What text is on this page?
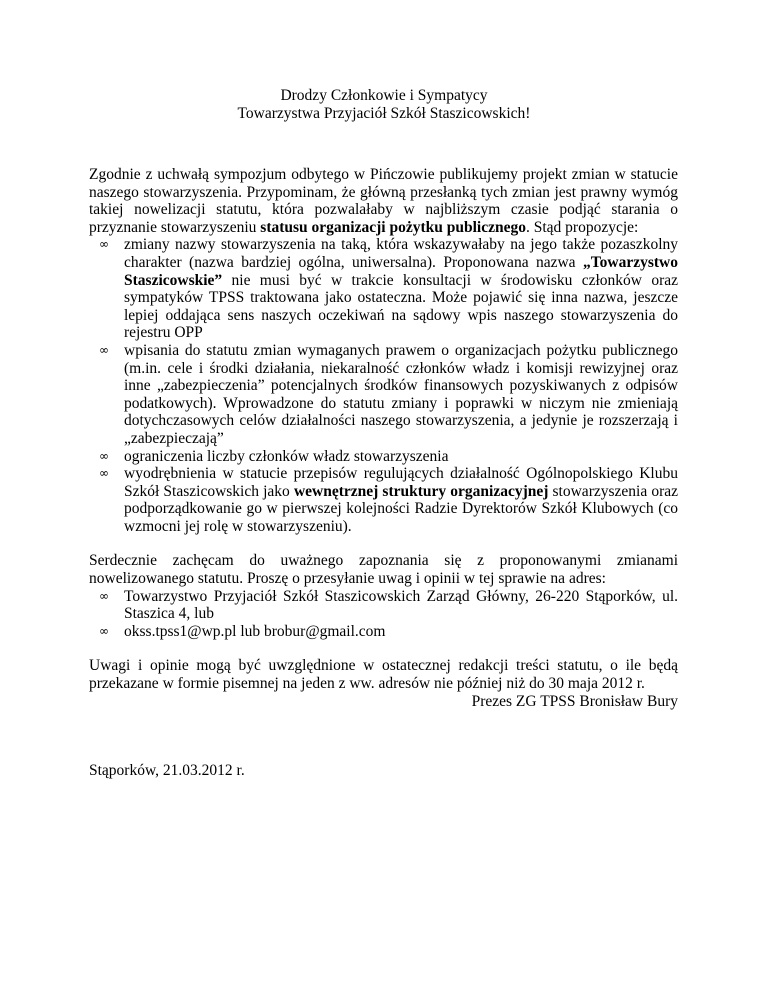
Drodzy Członkowie i Sympatycy
Towarzystwa Przyjaciół Szkół Staszicowskich!

Zgodnie z uchwałą sympozjum odbytego w Pińczowie publikujemy projekt zmian w statucie naszego stowarzyszenia. Przypominam, że główną przesłanką tych zmian jest prawny wymóg takiej nowelizacji statutu, która pozwalałaby w najbliższym czasie podjąć starania o przyznanie stowarzyszeniu statusu organizacji pożytku publicznego. Stąd propozycje:

∞ zmiany nazwy stowarzyszenia na taką, która wskazywałaby na jego także pozaszkolny charakter (nazwa bardziej ogólna, uniwersalna). Proponowana nazwa „Towarzystwo Staszicowskie” nie musi być w trakcie konsultacji w środowisku członków oraz sympatyków TPSS traktowana jako ostateczna. Może pojawić się inna nazwa, jeszcze lepiej oddająca sens naszych oczekiwań na sądowy wpis naszego stowarzyszenia do rejestru OPP
∞ wpisania do statutu zmian wymaganych prawem o organizacjach pożytku publicznego (m.in. cele i środki działania, niekaralność członków władz i komisji rewizyjnej oraz inne „zabezpieczenia” potencjalnych środków finansowych pozyskiwanych z odpisów podatkowych). Wprowadzone do statutu zmiany i poprawki w niczym nie zmieniają dotychczasowych celów działalności naszego stowarzyszenia, a jedynie je rozszerzają i „zabezpieczają”
∞ ograniczenia liczby członków władz stowarzyszenia
∞ wyodrębnienia w statucie przepisów regulujących działalność Ogólnopolskiego Klubu Szkół Staszicowskich jako wewnętrznej struktury organizacyjnej stowarzyszenia oraz podporządkowanie go w pierwszej kolejności Radzie Dyrektorów Szkół Klubowych (co wzmocni jej rolę w stowarzyszeniu).

Serdecznie zachęcam do uważnego zapoznania się z proponowanymi zmianami nowelizowanego statutu. Proszę o przesyłanie uwag i opinii w tej sprawie na adres:

∞ Towarzystwo Przyjaciół Szkół Staszicowskich Zarząd Główny, 26-220 Stąporków, ul. Staszica 4, lub
∞ okss.tpss1@wp.pl lub brobur@gmail.com

Uwagi i opinie mogą być uwzględnione w ostatecznej redakcji treści statutu, o ile będą przekazane w formie pisemnej na jeden z ww. adresów nie później niż do 30 maja 2012 r.

Prezes ZG TPSS Bronisław Bury
Stąporków, 21.03.2012 r.
